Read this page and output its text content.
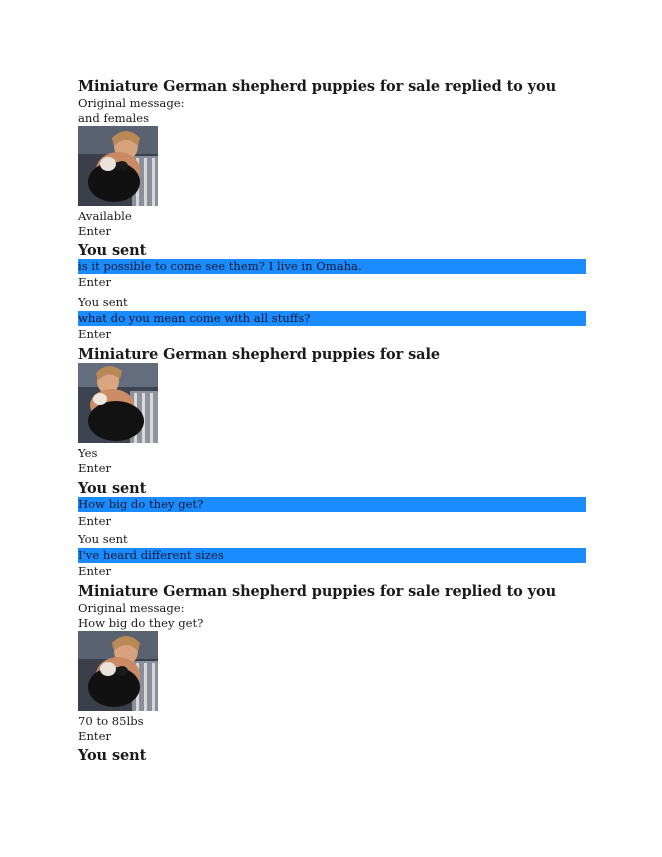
Miniature German shepherd puppies for sale replied to you
Original message:
and females
Available
Enter
You sent
is it possible to come see them? I live in Omaha.
Enter
You sent
what do you mean come with all stuffs?
Enter
Miniature German shepherd puppies for sale
Yes
Enter
You sent
How big do they get?
Enter
You sent
I've heard different sizes
Enter
Miniature German shepherd puppies for sale replied to you
Original message:
How big do they get?
70 to 85lbs
Enter
You sent
